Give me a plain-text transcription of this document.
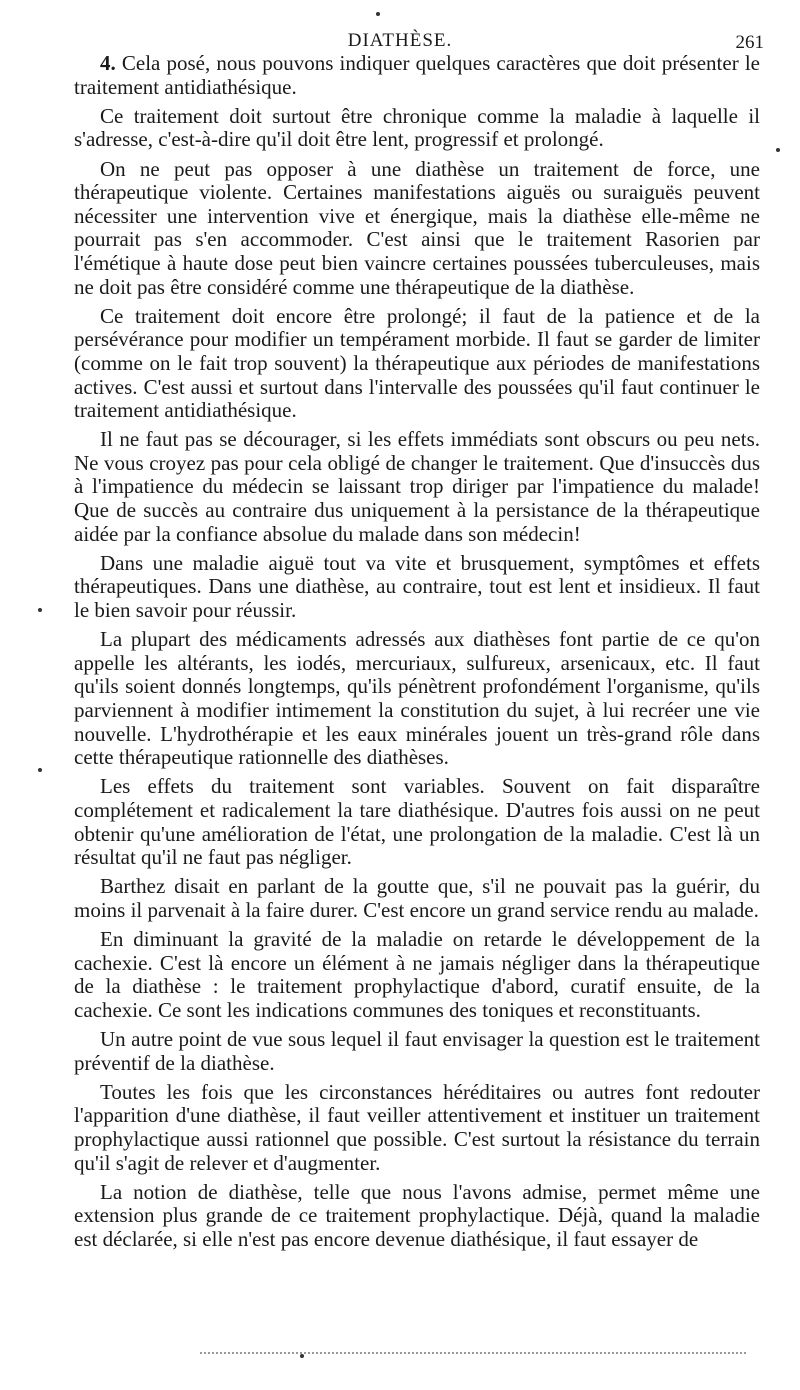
DIATHÈSE.	261

4. Cela posé, nous pouvons indiquer quelques caractères que doit présenter le traitement antidiathésique.

Ce traitement doit surtout être chronique comme la maladie à laquelle il s'adresse, c'est-à-dire qu'il doit être lent, progressif et prolongé.

On ne peut pas opposer à une diathèse un traitement de force, une thérapeutique violente. Certaines manifestations aiguës ou suraiguës peuvent nécessiter une intervention vive et énergique, mais la diathèse elle-même ne pourrait pas s'en accommoder. C'est ainsi que le traitement Rasorien par l'émétique à haute dose peut bien vaincre certaines poussées tuberculeuses, mais ne doit pas être considéré comme une thérapeutique de la diathèse.

Ce traitement doit encore être prolongé; il faut de la patience et de la persévérance pour modifier un tempérament morbide. Il faut se garder de limiter (comme on le fait trop souvent) la thérapeutique aux périodes de manifestations actives. C'est aussi et surtout dans l'intervalle des poussées qu'il faut continuer le traitement antidiathésique.

Il ne faut pas se décourager, si les effets immédiats sont obscurs ou peu nets. Ne vous croyez pas pour cela obligé de changer le traitement. Que d'insuccès dus à l'impatience du médecin se laissant trop diriger par l'impatience du malade! Que de succès au contraire dus uniquement à la persistance de la thérapeutique aidée par la confiance absolue du malade dans son médecin!

Dans une maladie aiguë tout va vite et brusquement, symptômes et effets thérapeutiques. Dans une diathèse, au contraire, tout est lent et insidieux. Il faut le bien savoir pour réussir.

La plupart des médicaments adressés aux diathèses font partie de ce qu'on appelle les altérants, les iodés, mercuriaux, sulfureux, arsenicaux, etc. Il faut qu'ils soient donnés longtemps, qu'ils pénètrent profondément l'organisme, qu'ils parviennent à modifier intimement la constitution du sujet, à lui recréer une vie nouvelle. L'hydrothérapie et les eaux minérales jouent un très-grand rôle dans cette thérapeutique rationnelle des diathèses.

Les effets du traitement sont variables. Souvent on fait disparaître complétement et radicalement la tare diathésique. D'autres fois aussi on ne peut obtenir qu'une amélioration de l'état, une prolongation de la maladie. C'est là un résultat qu'il ne faut pas négliger.

Barthez disait en parlant de la goutte que, s'il ne pouvait pas la guérir, du moins il parvenait à la faire durer. C'est encore un grand service rendu au malade.

En diminuant la gravité de la maladie on retarde le développement de la cachexie. C'est là encore un élément à ne jamais négliger dans la thérapeutique de la diathèse : le traitement prophylactique d'abord, curatif ensuite, de la cachexie. Ce sont les indications communes des toniques et reconstituants.

Un autre point de vue sous lequel il faut envisager la question est le traitement préventif de la diathèse.

Toutes les fois que les circonstances héréditaires ou autres font redouter l'apparition d'une diathèse, il faut veiller attentivement et instituer un traitement prophylactique aussi rationnel que possible. C'est surtout la résistance du terrain qu'il s'agit de relever et d'augmenter.

La notion de diathèse, telle que nous l'avons admise, permet même une extension plus grande de ce traitement prophylactique. Déjà, quand la maladie est déclarée, si elle n'est pas encore devenue diathésique, il faut essayer de
